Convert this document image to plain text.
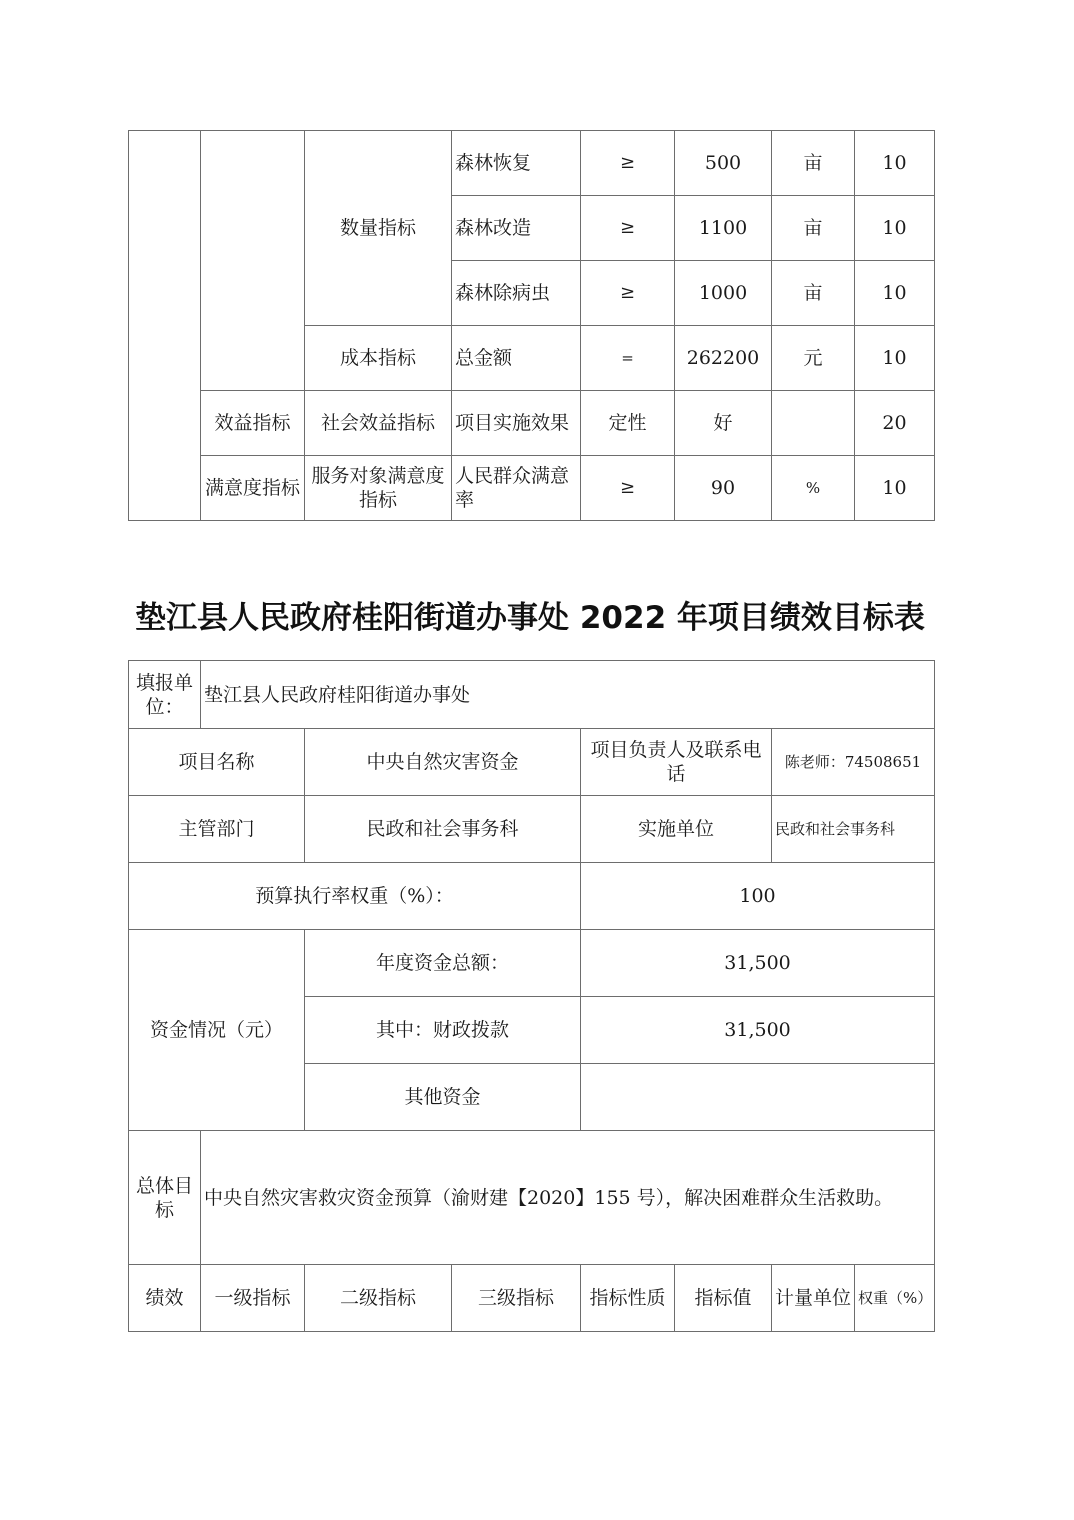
		数量指标	森林恢复	≥	500	亩	10
			森林改造	≥	1100	亩	10
			森林除病虫	≥	1000	亩	10
		成本指标	总金额	=	262200	元	10
	效益指标	社会效益指标	项目实施效果	定性	好		20
	满意度指标	服务对象满意度指标	人民群众满意率	≥	90	%	10
垫江县人民政府桂阳街道办事处 2022 年项目绩效目标表
填报单位：	垫江县人民政府桂阳街道办事处						
项目名称		中央自然灾害资金		项目负责人及联系电话		陈老师：74508651	
主管部门		民政和社会事务科		实施单位		民政和社会事务科	
预算执行率权重（%）：				100			
资金情况（元）		年度资金总额：		31,500			
		其中：财政拨款		31,500			
		其他资金					
总体目标	中央自然灾害救灾资金预算（渝财建【2020】155 号），解决困难群众生活救助。						
绩效	一级指标	二级指标	三级指标	指标性质	指标值	计量单位	权重（%）
